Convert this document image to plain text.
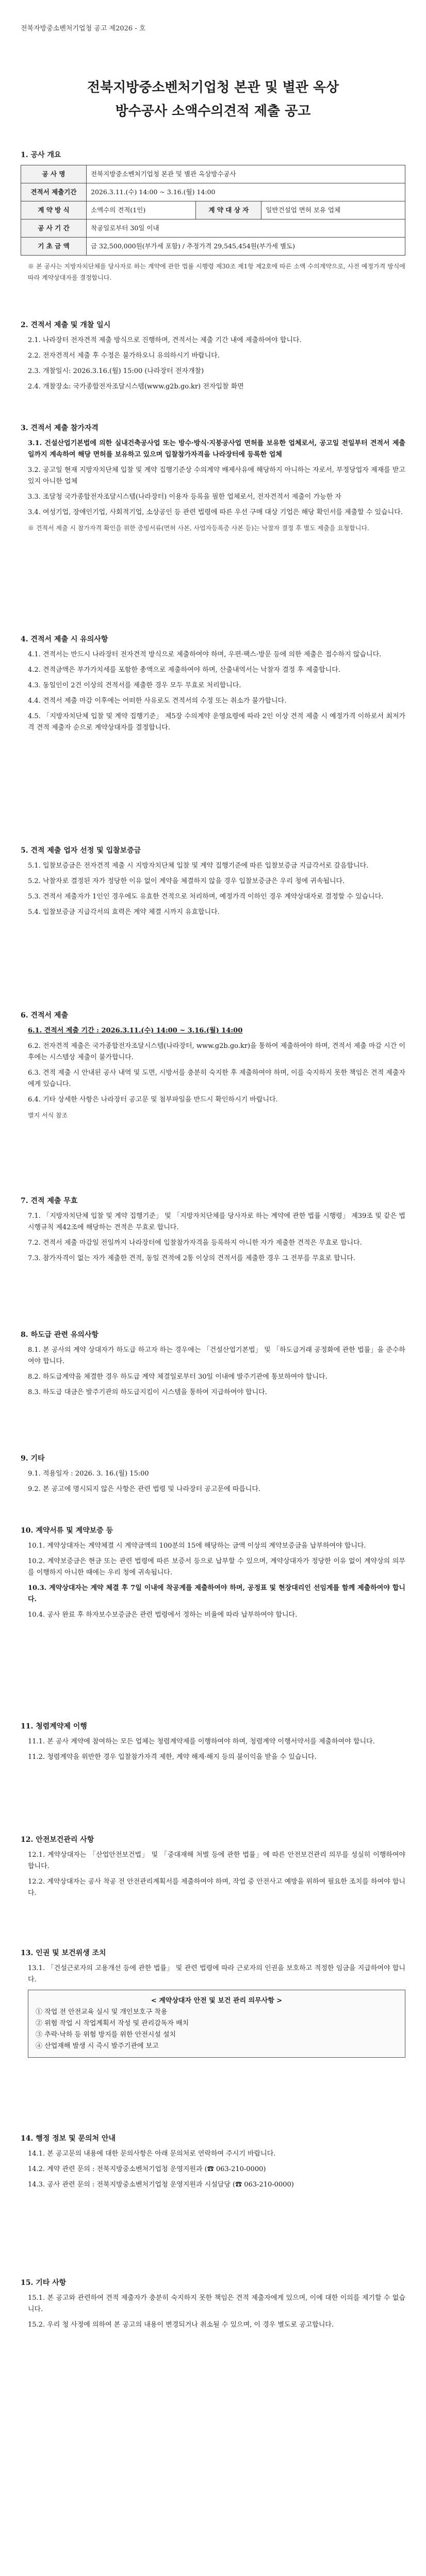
전북자방중소벤처기업청 공고 제2026 - 호
전북지방중소벤처기업청 본관 및 별관 옥상
방수공사 소액수의견적 제출 공고
1. 공사 개요
공 사 명	전북지방중소벤처기업청 본관 및 별관 옥상방수공사		
견적서 제출기간	2026.3.11.(수) 14:00 ~ 3.16.(월) 14:00		
계 약 방 식	소액수의 견적(1인)	계 약 대 상 자	일반건설업 면허 보유 업체
공 사 기 간	착공일로부터 30일 이내		
기 초 금 액	금 32,500,000원(부가세 포함) / 추정가격 29,545,454원(부가세 별도)		
※ 본 공사는 지방자치단체를 당사자로 하는 계약에 관한 법률 시행령 제30조 제1항 제2호에 따른 소액 수의계약으로, 사전 예정가격 방식에 따라 계약상대자를 결정합니다.
2. 견적서 제출 및 개찰 일시
2.1. 나라장터 전자견적 제출 방식으로 진행하며, 견적서는 제출 기간 내에 제출하여야 합니다.
2.2. 전자견적서 제출 후 수정은 불가하오니 유의하시기 바랍니다.
2.3. 개찰일시: 2026.3.16.(월) 15:00 (나라장터 전자개찰)
2.4. 개찰장소: 국가종합전자조달시스템(www.g2b.go.kr) 전자입찰 화면
3. 견적서 제출 참가자격
3.1. 건설산업기본법에 의한 실내건축공사업 또는 방수·방식·지붕공사업 면허를 보유한 업체로서, 공고일 전일부터 견적서 제출일까지 계속하여 해당 면허를 보유하고 있으며 입찰참가자격을 나라장터에 등록한 업체
3.2. 공고일 현재 지방자치단체 입찰 및 계약 집행기준상 수의계약 배제사유에 해당하지 아니하는 자로서, 부정당업자 제재를 받고 있지 아니한 업체
3.3. 조달청 국가종합전자조달시스템(나라장터) 이용자 등록을 필한 업체로서, 전자견적서 제출이 가능한 자
3.4. 여성기업, 장애인기업, 사회적기업, 소상공인 등 관련 법령에 따른 우선 구매 대상 기업은 해당 확인서를 제출할 수 있습니다.
※ 견적서 제출 시 참가자격 확인을 위한 증빙서류(면허 사본, 사업자등록증 사본 등)는 낙찰자 결정 후 별도 제출을 요청합니다.
4. 견적서 제출 시 유의사항
4.1. 견적서는 반드시 나라장터 전자견적 방식으로 제출하여야 하며, 우편·팩스·방문 등에 의한 제출은 접수하지 않습니다.
4.2. 견적금액은 부가가치세를 포함한 총액으로 제출하여야 하며, 산출내역서는 낙찰자 결정 후 제출합니다.
4.3. 동일인이 2건 이상의 견적서를 제출한 경우 모두 무효로 처리합니다.
4.4. 견적서 제출 마감 이후에는 어떠한 사유로도 견적서의 수정 또는 취소가 불가합니다.
4.5. 「지방자치단체 입찰 및 계약 집행기준」 제5장 수의계약 운영요령에 따라 2인 이상 견적 제출 시 예정가격 이하로서 최저가격 견적 제출자 순으로 계약상대자를 결정합니다.
5. 견적 제출 업자 선정 및 입찰보증금
5.1. 입찰보증금은 전자견적 제출 시 지방자치단체 입찰 및 계약 집행기준에 따른 입찰보증금 지급각서로 갈음합니다.
5.2. 낙찰자로 결정된 자가 정당한 이유 없이 계약을 체결하지 않을 경우 입찰보증금은 우리 청에 귀속됩니다.
5.3. 견적서 제출자가 1인인 경우에도 유효한 견적으로 처리하며, 예정가격 이하인 경우 계약상대자로 결정할 수 있습니다.
5.4. 입찰보증금 지급각서의 효력은 계약 체결 시까지 유효합니다.
6. 견적서 제출
6.1. 견적서 제출 기간 : 2026.3.11.(수) 14:00 ~ 3.16.(월) 14:00
6.2. 전자견적 제출은 국가종합전자조달시스템(나라장터, www.g2b.go.kr)을 통하여 제출하여야 하며, 견적서 제출 마감 시간 이후에는 시스템상 제출이 불가합니다.
6.3. 견적 제출 시 안내된 공사 내역 및 도면, 시방서를 충분히 숙지한 후 제출하여야 하며, 이를 숙지하지 못한 책임은 견적 제출자에게 있습니다.
6.4. 기타 상세한 사항은 나라장터 공고문 및 첨부파일을 반드시 확인하시기 바랍니다.
별지 서식 참조
7. 견적 제출 무효
7.1. 「지방자치단체 입찰 및 계약 집행기준」 및 「지방자치단체를 당사자로 하는 계약에 관한 법률 시행령」 제39조 및 같은 법 시행규칙 제42조에 해당하는 견적은 무효로 합니다.
7.2. 견적서 제출 마감일 전일까지 나라장터에 입찰참가자격을 등록하지 아니한 자가 제출한 견적은 무효로 합니다.
7.3. 참가자격이 없는 자가 제출한 견적, 동일 견적에 2통 이상의 견적서를 제출한 경우 그 전부를 무효로 합니다.
8. 하도급 관련 유의사항
8.1. 본 공사의 계약 상대자가 하도급 하고자 하는 경우에는 「건설산업기본법」 및 「하도급거래 공정화에 관한 법률」을 준수하여야 합니다.
8.2. 하도급계약을 체결한 경우 하도급 계약 체결일로부터 30일 이내에 발주기관에 통보하여야 합니다.
8.3. 하도급 대금은 발주기관의 하도급지킴이 시스템을 통하여 지급하여야 합니다.
9. 기타
9.1. 적용일자 : 2026. 3. 16.(월) 15:00
9.2. 본 공고에 명시되지 않은 사항은 관련 법령 및 나라장터 공고문에 따릅니다.
10. 계약서류 및 계약보증 등
10.1. 계약상대자는 계약체결 시 계약금액의 100분의 15에 해당하는 금액 이상의 계약보증금을 납부하여야 합니다.
10.2. 계약보증금은 현금 또는 관련 법령에 따른 보증서 등으로 납부할 수 있으며, 계약상대자가 정당한 이유 없이 계약상의 의무를 이행하지 아니한 때에는 우리 청에 귀속됩니다.
10.3. 계약상대자는 계약 체결 후 7일 이내에 착공계를 제출하여야 하며, 공정표 및 현장대리인 선임계를 함께 제출하여야 합니다.
10.4. 공사 완료 후 하자보수보증금은 관련 법령에서 정하는 비율에 따라 납부하여야 합니다.
11. 청렴계약제 이행
11.1. 본 공사 계약에 참여하는 모든 업체는 청렴계약제를 이행하여야 하며, 청렴계약 이행서약서를 제출하여야 합니다.
11.2. 청렴계약을 위반한 경우 입찰참가자격 제한, 계약 해제·해지 등의 불이익을 받을 수 있습니다.
12. 안전보건관리 사항
12.1. 계약상대자는 「산업안전보건법」 및 「중대재해 처벌 등에 관한 법률」에 따른 안전보건관리 의무를 성실히 이행하여야 합니다.
12.2. 계약상대자는 공사 착공 전 안전관리계획서를 제출하여야 하며, 작업 중 안전사고 예방을 위하여 필요한 조치를 하여야 합니다.
13. 인권 및 보건위생 조치
13.1. 「건설근로자의 고용개선 등에 관한 법률」 및 관련 법령에 따라 근로자의 인권을 보호하고 적정한 임금을 지급하여야 합니다.
< 계약상대자 안전 및 보건 관리 의무사항 >
① 작업 전 안전교육 실시 및 개인보호구 착용
② 위험 작업 시 작업계획서 작성 및 관리감독자 배치
③ 추락·낙하 등 위험 방지를 위한 안전시설 설치
④ 산업재해 발생 시 즉시 발주기관에 보고
14. 행정 정보 및 문의처 안내
14.1. 본 공고문의 내용에 대한 문의사항은 아래 문의처로 연락하여 주시기 바랍니다.
14.2. 계약 관련 문의 : 전북지방중소벤처기업청 운영지원과 (☎ 063-210-0000)
14.3. 공사 관련 문의 : 전북지방중소벤처기업청 운영지원과 시설담당 (☎ 063-210-0000)
15. 기타 사항
15.1. 본 공고와 관련하여 견적 제출자가 충분히 숙지하지 못한 책임은 견적 제출자에게 있으며, 이에 대한 이의를 제기할 수 없습니다.
15.2. 우리 청 사정에 의하여 본 공고의 내용이 변경되거나 취소될 수 있으며, 이 경우 별도로 공고합니다.
